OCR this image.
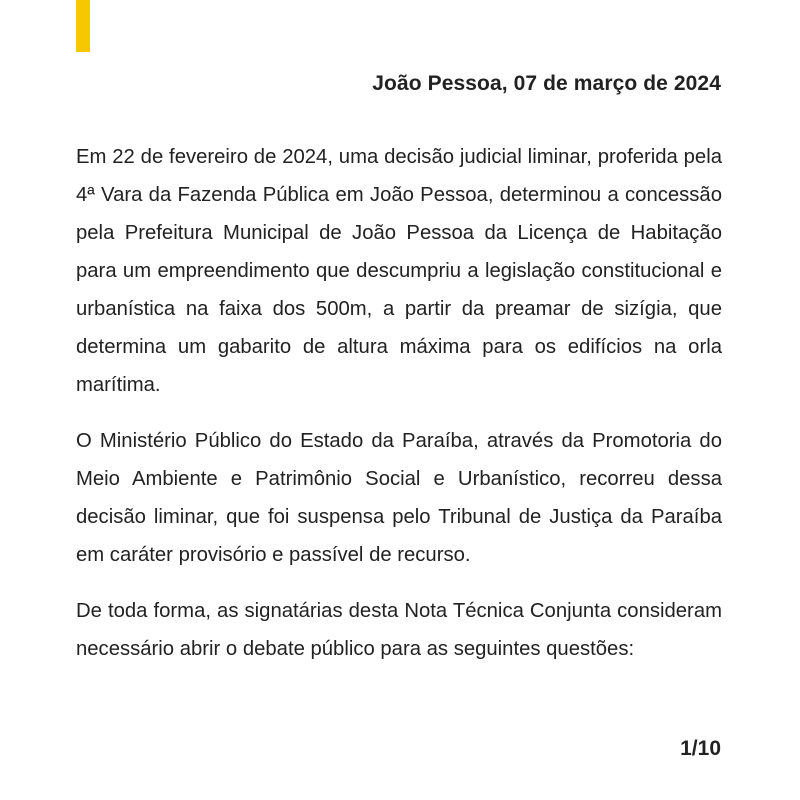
João Pessoa, 07 de março de 2024

Em 22 de fevereiro de 2024, uma decisão judicial liminar, proferida pela 4ª Vara da Fazenda Pública em João Pessoa, determinou a concessão pela Prefeitura Municipal de João Pessoa da Licença de Habitação para um empreendimento que descumpriu a legislação constitucional e urbanística na faixa dos 500m, a partir da preamar de sizígia, que determina um gabarito de altura máxima para os edifícios na orla marítima.

O Ministério Público do Estado da Paraíba, através da Promotoria do Meio Ambiente e Patrimônio Social e Urbanístico, recorreu dessa decisão liminar, que foi suspensa pelo Tribunal de Justiça da Paraíba em caráter provisório e passível de recurso.

De toda forma, as signatárias desta Nota Técnica Conjunta consideram necessário abrir o debate público para as seguintes questões:

1/10
